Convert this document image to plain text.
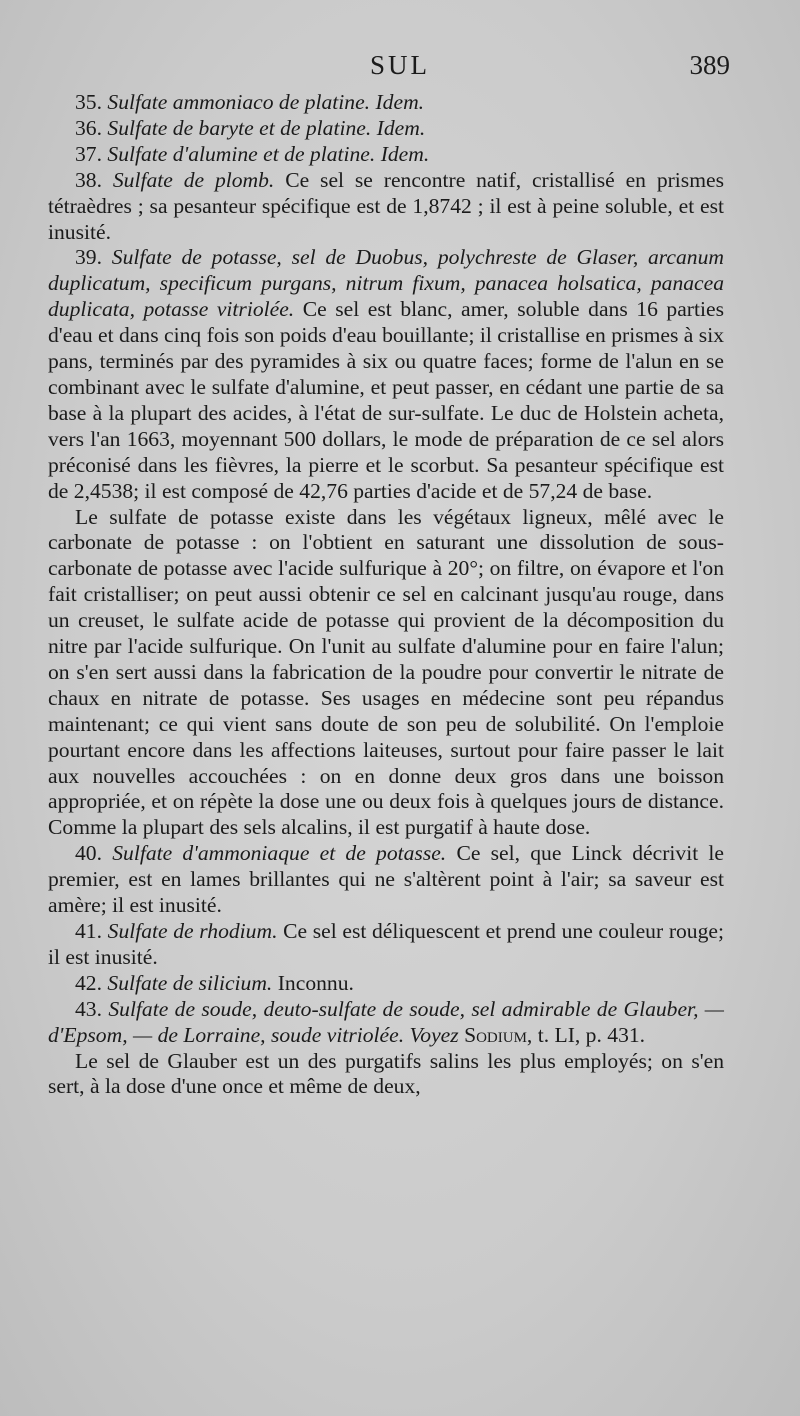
SUL	389

35. Sulfate ammoniaco de platine. Idem.

36. Sulfate de baryte et de platine. Idem.

37. Sulfate d'alumine et de platine. Idem.

38. Sulfate de plomb. Ce sel se rencontre natif, cristallisé en prismes tétraèdres ; sa pesanteur spécifique est de 1,8742 ; il est à peine soluble, et est inusité.

39. Sulfate de potasse, sel de Duobus, polychreste de Glaser, arcanum duplicatum, specificum purgans, nitrum fixum, panacea holsatica, panacea duplicata, potasse vitriolée. Ce sel est blanc, amer, soluble dans 16 parties d'eau et dans cinq fois son poids d'eau bouillante; il cristallise en prismes à six pans, terminés par des pyramides à six ou quatre faces; forme de l'alun en se combinant avec le sulfate d'alumine, et peut passer, en cédant une partie de sa base à la plupart des acides, à l'état de sur-sulfate. Le duc de Holstein acheta, vers l'an 1663, moyennant 500 dollars, le mode de préparation de ce sel alors préconisé dans les fièvres, la pierre et le scorbut. Sa pesanteur spécifique est de 2,4538; il est composé de 42,76 parties d'acide et de 57,24 de base.

Le sulfate de potasse existe dans les végétaux ligneux, mêlé avec le carbonate de potasse : on l'obtient en saturant une dissolution de sous-carbonate de potasse avec l'acide sulfurique à 20°; on filtre, on évapore et l'on fait cristalliser; on peut aussi obtenir ce sel en calcinant jusqu'au rouge, dans un creuset, le sulfate acide de potasse qui provient de la décomposition du nitre par l'acide sulfurique. On l'unit au sulfate d'alumine pour en faire l'alun; on s'en sert aussi dans la fabrication de la poudre pour convertir le nitrate de chaux en nitrate de potasse. Ses usages en médecine sont peu répandus maintenant; ce qui vient sans doute de son peu de solubilité. On l'emploie pourtant encore dans les affections laiteuses, surtout pour faire passer le lait aux nouvelles accouchées : on en donne deux gros dans une boisson appropriée, et on répète la dose une ou deux fois à quelques jours de distance. Comme la plupart des sels alcalins, il est purgatif à haute dose.

40. Sulfate d'ammoniaque et de potasse. Ce sel, que Linck décrivit le premier, est en lames brillantes qui ne s'altèrent point à l'air; sa saveur est amère; il est inusité.

41. Sulfate de rhodium. Ce sel est déliquescent et prend une couleur rouge; il est inusité.

42. Sulfate de silicium. Inconnu.

43. Sulfate de soude, deuto-sulfate de soude, sel admirable de Glauber, — d'Epsom, — de Lorraine, soude vitriolée. Voyez Sodium, t. LI, p. 431.

Le sel de Glauber est un des purgatifs salins les plus employés; on s'en sert, à la dose d'une once et même de deux,
